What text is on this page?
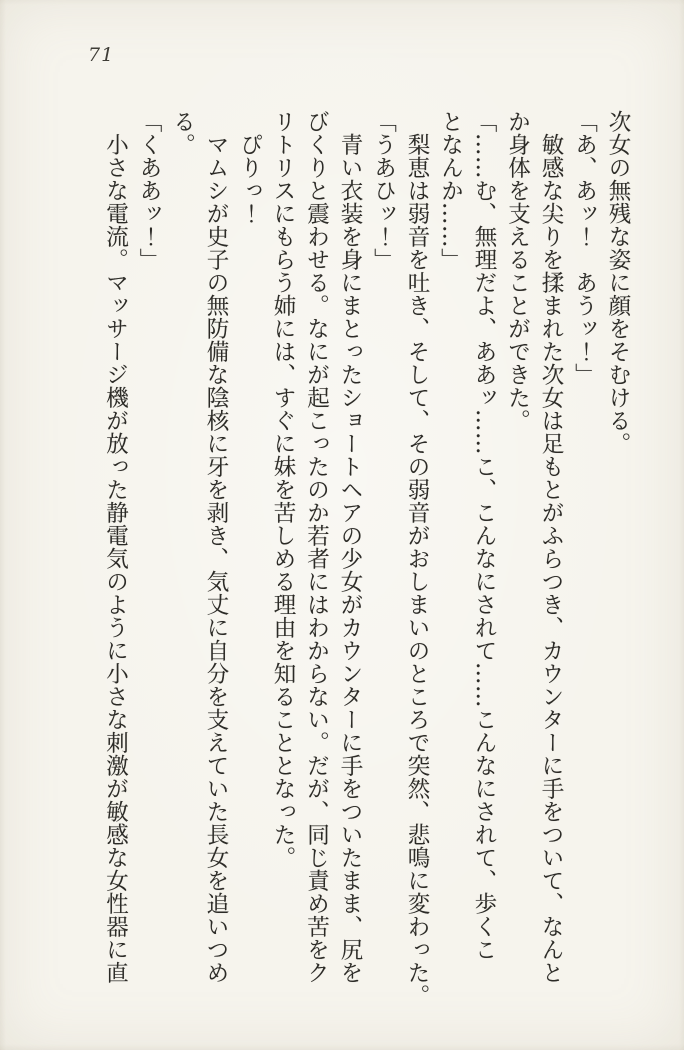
71
次女の無残な姿に顔をそむける。
「あ、あッ！　あうッ！」
　敏感な尖りを揉まれた次女は足もとがふらつき、カウンターに手をついて、なんと
か身体を支えることができた。
「……む、無理だよ、ああッ……こ、こんなにされて……こんなにされて、歩くこ
となんか……」
　梨恵は弱音を吐き、そして、その弱音がおしまいのところで突然、悲鳴に変わった。
「うあひッ！」
　青い衣装を身にまとったショートヘアの少女がカウンターに手をついたまま、尻を
びくりと震わせる。なにが起こったのか若者にはわからない。だが、同じ責め苦をク
リトリスにもらう姉には、すぐに妹を苦しめる理由を知ることとなった。
　ぴりっ！
　マムシが史子の無防備な陰核に牙を剥き、気丈に自分を支えていた長女を追いつめ
る。
「くああッ！」
　小さな電流。マッサージ機が放った静電気のように小さな刺激が敏感な女性器に直
